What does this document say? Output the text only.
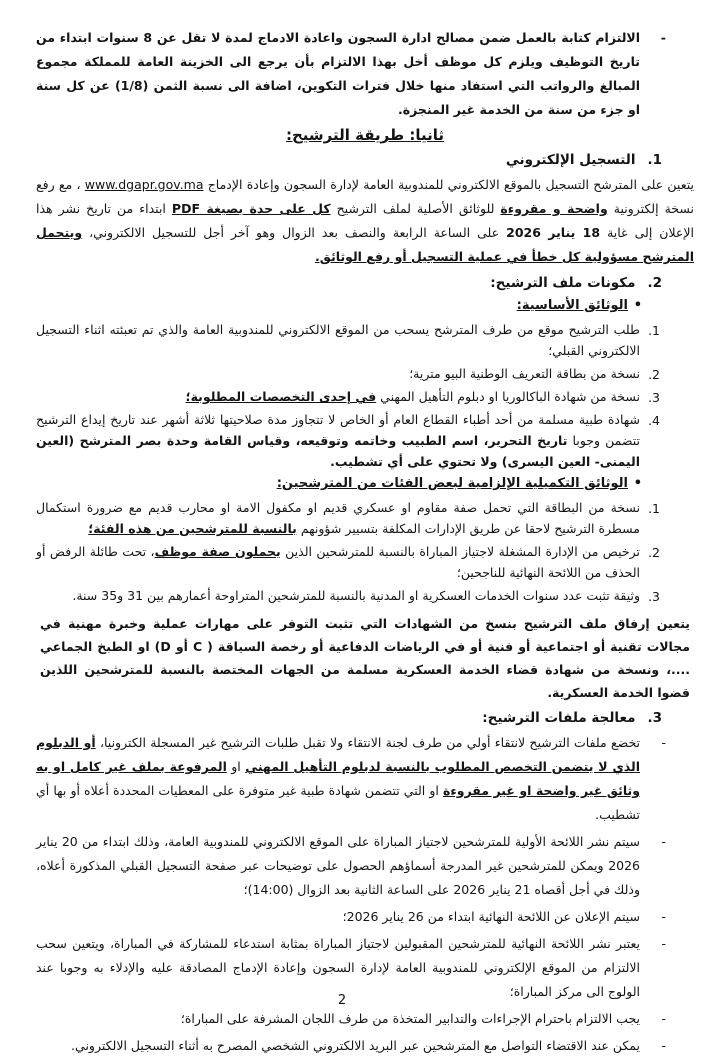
-
الالتزام كتابة بالعمل ضمن مصالح ادارة السجون واعادة الادماج لمدة لا تقل عن 8 سنوات ابتداء من تاريخ التوظيف ويلزم كل موظف أخل بهذا الالتزام بأن يرجع الى الخزينة العامة للمملكة مجموع المبالغ والرواتب التي استفاد منها خلال فترات التكوين، اضافة الى نسبة الثمن (1/8) عن كل سنة او جزء من سنة من الخدمة غير المنجزة.
ثانيا: طريقة الترشيح:
1.التسجيل الإلكتروني
يتعين على المترشح التسجيل بالموقع الالكتروني للمندوبية العامة لإدارة السجون وإعادة الإدماج www.dgapr.gov.ma ، مع رفع نسخة إلكترونية واضحة و مقروءة للوثائق الأصلية لملف الترشيح كل على حدة بصيغة PDF ابتداء من تاريخ نشر هذا الإعلان إلى غاية 18 يناير 2026 على الساعة الرابعة والنصف بعد الزوال وهو آخر أجل للتسجيل الالكتروني، ويتحمل المترشح مسؤولية كل خطأ في عملية التسجيل أو رفع الوثائق.
2.مكونات ملف الترشيح:
•
الوثائق الأساسية:
1.
طلب الترشيح موقع من طرف المترشح يسحب من الموقع الالكتروني للمندوبية العامة والذي تم تعبئته اثناء التسجيل الالكتروني القبلي؛
2.
نسخة من بطاقة التعريف الوطنية البيو مترية؛
3.
نسخة من شهادة الباكالوريا او دبلوم التأهيل المهني في إحدى التخصصات المطلوبة؛
4.
شهادة طبية مسلمة من أحد أطباء القطاع العام أو الخاص لا تتجاوز مدة صلاحيتها ثلاثة أشهر عند تاريخ إيداع الترشيح تتضمن وجوبا تاريخ التحرير، اسم الطبيب وخاتمه وتوقيعه، وقياس القامة وحدة بصر المترشح (العين اليمنى- العين اليسرى) ولا تحتوي على أي تشطيب.
•
الوثائق التكميلية الإلزامية لبعض الفئات من المترشحين:
1.
نسخة من البطاقة التي تحمل صفة مقاوم او عسكري قديم او مكفول الامة او محارب قديم مع ضرورة استكمال مسطرة الترشيح لاحقا عن طريق الإدارات المكلفة بتسيير شؤونهم بالنسبة للمترشحين من هذه الفئة؛
2.
ترخيص من الإدارة المشغلة لاجتياز المباراة بالنسبة للمترشحين الذين يحملون صفة موظف، تحت طائلة الرفض أو الحذف من اللائحة النهائية للناجحين؛
3.
وثيقة تثبت عدد سنوات الخدمات العسكرية او المدنية بالنسبة للمترشحين المتراوحة أعمارهم بين 31 و35 سنة.
يتعين إرفاق ملف الترشيح بنسخ من الشهادات التي تثبت التوفر على مهارات عملية وخبرة مهنية في مجالات تقنية أو اجتماعية أو فنية أو في الرياضات الدفاعية أو رخصة السياقة ( C أو D) او الطبخ الجماعي ....، ونسخة من شهادة قضاء الخدمة العسكرية مسلمة من الجهات المختصة بالنسبة للمترشحين اللذين قضوا الخدمة العسكرية.
3.معالجة ملفات الترشيح:
-
تخضع ملفات الترشيح لانتقاء أولي من طرف لجنة الانتقاء ولا تقبل طلبات الترشيح غير المسجلة الكترونيا، أو الدبلوم الذي لا يتضمن التخصص المطلوب بالنسبة لدبلوم التأهيل المهني او المرفوعة بملف غير كامل او به وثائق غير واضحة او غير مقروءة او التي تتضمن شهادة طبية غير متوفرة على المعطيات المحددة أعلاه أو بها أي تشطيب.
-
سيتم نشر اللائحة الأولية للمترشحين لاجتياز المباراة على الموقع الالكتروني للمندوبية العامة، وذلك ابتداء من 20 يناير 2026 ويمكن للمترشحين غير المدرجة أسماؤهم الحصول على توضيحات عبر صفحة التسجيل القبلي المذكورة أعلاه، وذلك في أجل أقصاه 21 يناير 2026 على الساعة الثانية بعد الزوال (14:00)؛
-
سيتم الإعلان عن اللائحة النهائية ابتداء من 26 يناير 2026؛
-
يعتبر نشر اللائحة النهائية للمترشحين المقبولين لاجتياز المباراة بمثابة استدعاء للمشاركة في المباراة، ويتعين سحب الالتزام من الموقع الإلكتروني للمندوبية العامة لإدارة السجون وإعادة الإدماج المصادقة عليه والإدلاء به وجوبا عند الولوج الى مركز المباراة؛
-
يجب الالتزام باحترام الإجراءات والتدابير المتخذة من طرف اللجان المشرفة على المباراة؛
-
يمكن عند الاقتضاء التواصل مع المترشحين عبر البريد الالكتروني الشخصي المصرح به أثناء التسجيل الالكتروني.
2
